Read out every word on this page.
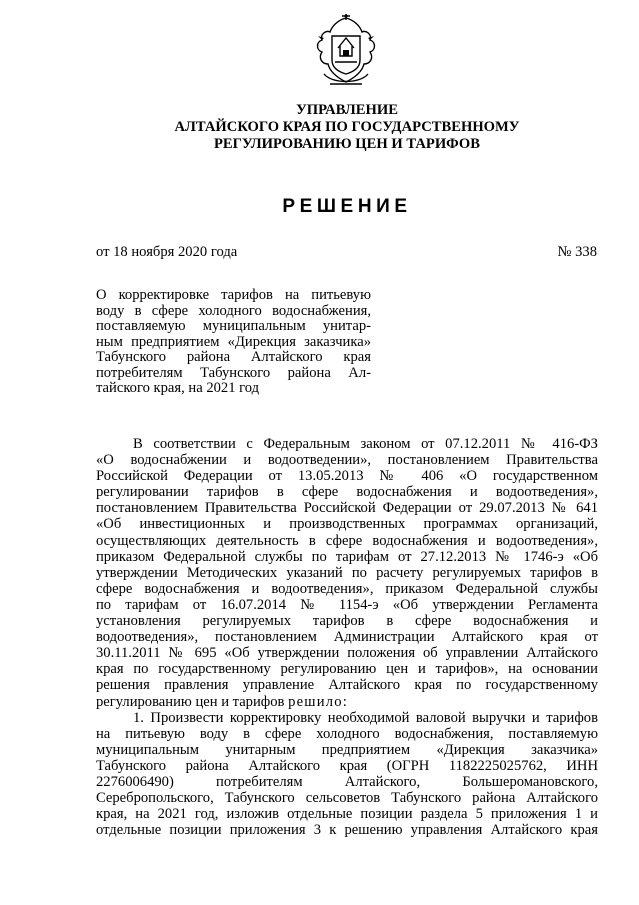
УПРАВЛЕНИЕ
АЛТАЙСКОГО КРАЯ ПО ГОСУДАРСТВЕННОМУ
РЕГУЛИРОВАНИЮ ЦЕН И ТАРИФОВ
РЕШЕНИЕ
от 18 ноября 2020 года	№ 338
О корректировке тарифов на питьевую
воду в сфере холодного водоснабжения,
поставляемую муниципальным унитар-
ным предприятием «Дирекция заказчика»
Табунского района Алтайского края
потребителям Табунского района Ал-
тайского края, на 2021 год
В соответствии с Федеральным законом от 07.12.2011 № 416-ФЗ
«О водоснабжении и водоотведении», постановлением Правительства
Российской Федерации от 13.05.2013 № 406 «О государственном
регулировании тарифов в сфере водоснабжения и водоотведения»,
постановлением Правительства Российской Федерации от 29.07.2013 № 641
«Об инвестиционных и производственных программах организаций,
осуществляющих деятельность в сфере водоснабжения и водоотведения»,
приказом Федеральной службы по тарифам от 27.12.2013 № 1746-э «Об
утверждении Методических указаний по расчету регулируемых тарифов в
сфере водоснабжения и водоотведения», приказом Федеральной службы
по тарифам от 16.07.2014 № 1154-э «Об утверждении Регламента
установления регулируемых тарифов в сфере водоснабжения и
водоотведения», постановлением Администрации Алтайского края от
30.11.2011 № 695 «Об утверждении положения об управлении Алтайского
края по государственному регулированию цен и тарифов», на основании
решения правления управление Алтайского края по государственному
регулированию цен и тарифов решило:
1. Произвести корректировку необходимой валовой выручки и тарифов
на питьевую воду в сфере холодного водоснабжения, поставляемую
муниципальным унитарным предприятием «Дирекция заказчика»
Табунского района Алтайского края (ОГРН 1182225025762, ИНН
2276006490) потребителям Алтайского, Большеромановского,
Серебропольского, Табунского сельсоветов Табунского района Алтайского
края, на 2021 год, изложив отдельные позиции раздела 5 приложения 1 и
отдельные позиции приложения 3 к решению управления Алтайского края
